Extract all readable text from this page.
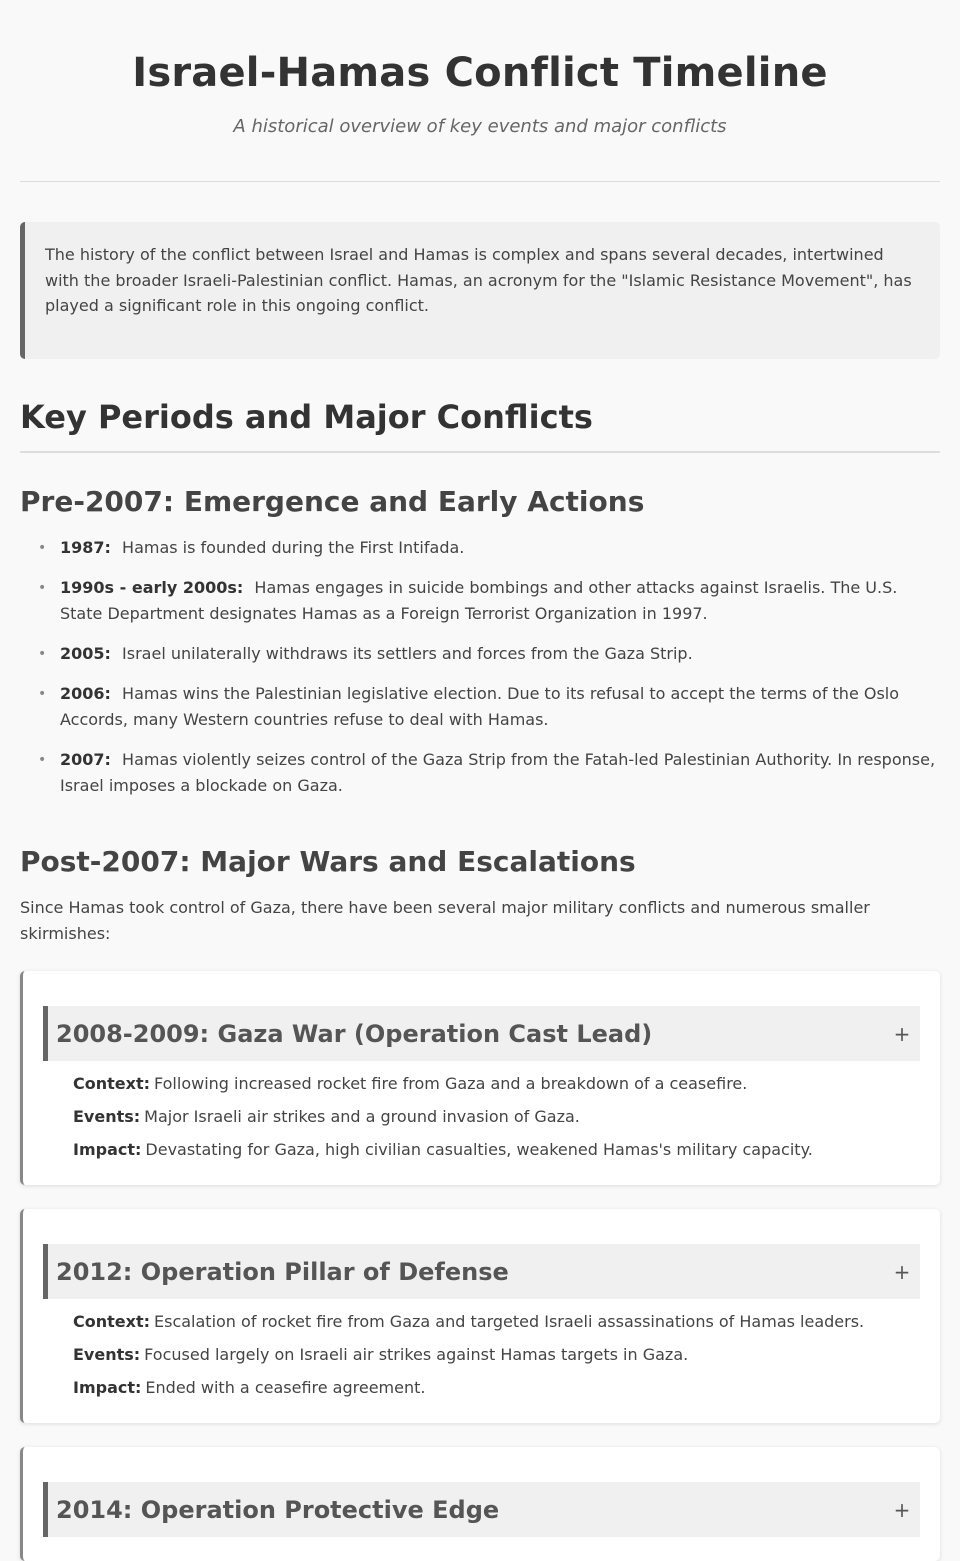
Israel-Hamas Conflict Timeline

A historical overview of key events and major conflicts

The history of the conflict between Israel and Hamas is complex and spans several decades, intertwined with the broader Israeli-Palestinian conflict. Hamas, an acronym for the "Islamic Resistance Movement", has played a significant role in this ongoing conflict.
Key Periods and Major Conflicts
Pre-2007: Emergence and Early Actions
• 1987: Hamas is founded during the First Intifada.
• 1990s - early 2000s: Hamas engages in suicide bombings and other attacks against Israelis. The U.S. State Department designates Hamas as a Foreign Terrorist Organization in 1997.
• 2005: Israel unilaterally withdraws its settlers and forces from the Gaza Strip.
• 2006: Hamas wins the Palestinian legislative election. Due to its refusal to accept the terms of the Oslo Accords, many Western countries refuse to deal with Hamas.
• 2007: Hamas violently seizes control of the Gaza Strip from the Fatah-led Palestinian Authority. In response, Israel imposes a blockade on Gaza.
Post-2007: Major Wars and Escalations

Since Hamas took control of Gaza, there have been several major military conflicts and numerous smaller skirmishes:

2008-2009: Gaza War (Operation Cast Lead)	+

Context: Following increased rocket fire from Gaza and a breakdown of a ceasefire.

Events: Major Israeli air strikes and a ground invasion of Gaza.

Impact: Devastating for Gaza, high civilian casualties, weakened Hamas's military capacity.

2012: Operation Pillar of Defense	+

Context: Escalation of rocket fire from Gaza and targeted Israeli assassinations of Hamas leaders.

Events: Focused largely on Israeli air strikes against Hamas targets in Gaza.

Impact: Ended with a ceasefire agreement.

2014: Operation Protective Edge	+
